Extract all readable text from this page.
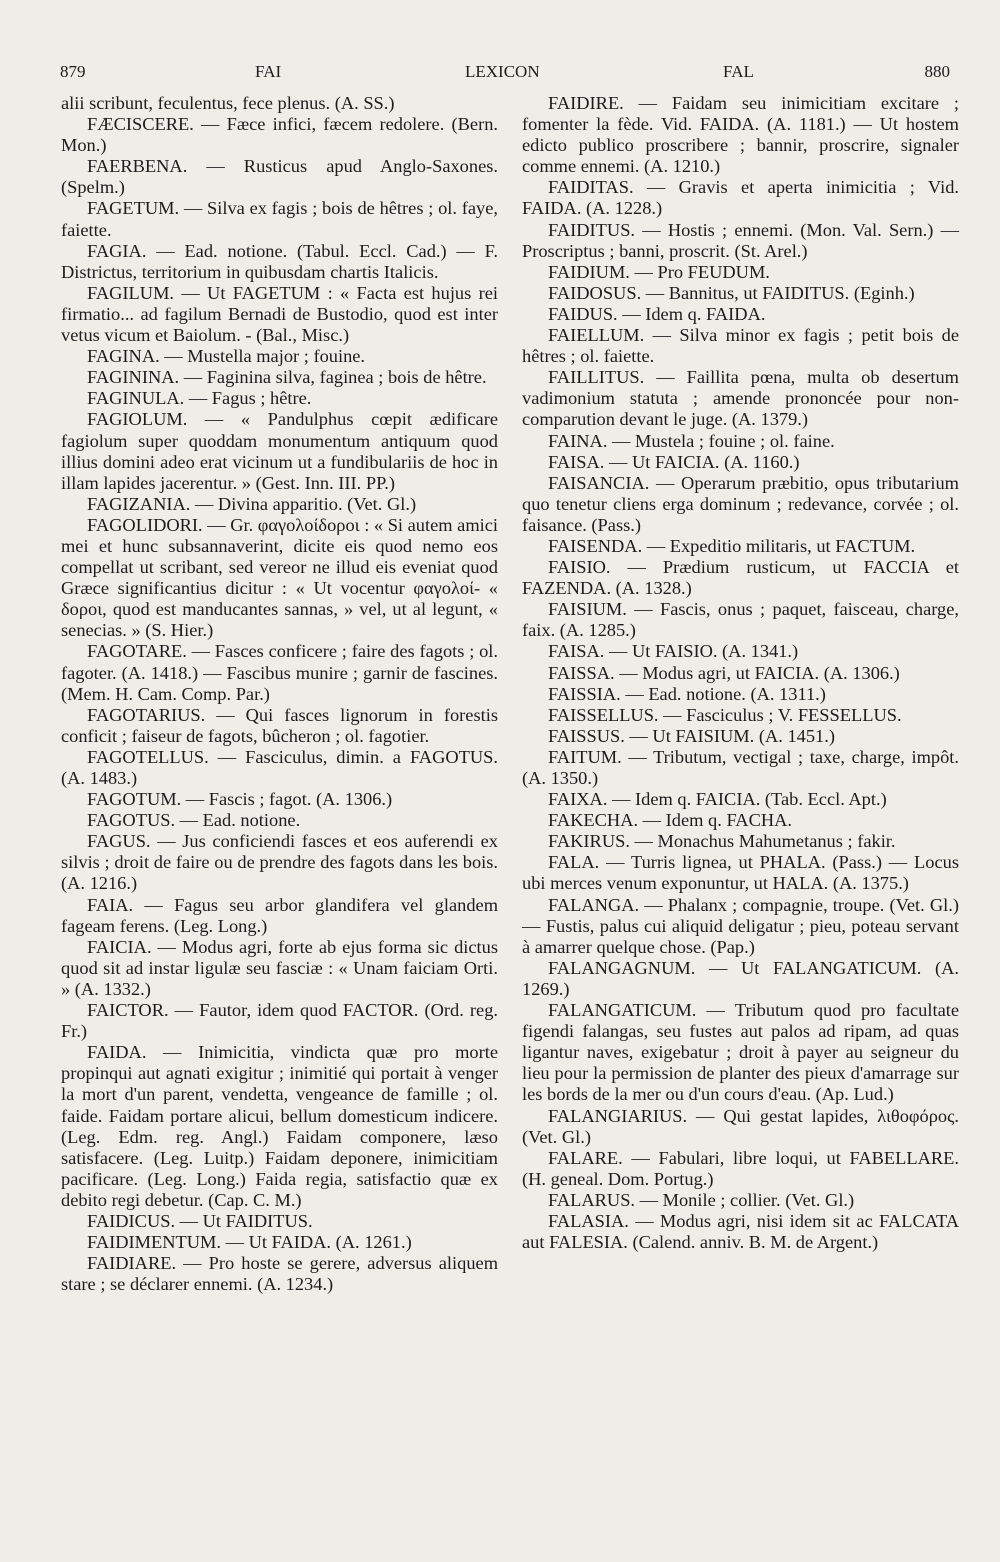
879	FAI	LEXICON	FAL	880

alii scribunt, feculentus, fece plenus. (A. SS.)

FÆCISCERE. — Fæce infici, fæcem redolere. (Bern. Mon.)

FAERBENA. — Rusticus apud Anglo-Saxones. (Spelm.)

FAGETUM. — Silva ex fagis ; bois de hêtres ; ol. faye, faiette.

FAGIA. — Ead. notione. (Tabul. Eccl. Cad.) — F. Districtus, territorium in quibusdam chartis Italicis.

FAGILUM. — Ut FAGETUM : « Facta est hujus rei firmatio... ad fagilum Bernadi de Bustodio, quod est inter vetus vicum et Baiolum. - (Bal., Misc.)

FAGINA. — Mustella major ; fouine.

FAGININA. — Faginina silva, faginea ; bois de hêtre.

FAGINULA. — Fagus ; hêtre.

FAGIOLUM. — « Pandulphus cœpit ædificare fagiolum super quoddam monumentum antiquum quod illius domini adeo erat vicinum ut a fundibulariis de hoc in illam lapides jacerentur. » (Gest. Inn. III. PP.)

FAGIZANIA. — Divina apparitio. (Vet. Gl.)

FAGOLIDORI. — Gr. φαγολοίδοροι : « Si autem amici mei et hunc subsannaverint, dicite eis quod nemo eos compellat ut scribant, sed vereor ne illud eis eveniat quod Græce significantius dicitur : « Ut vocentur φαγολοί- « δοροι, quod est manducantes sannas, » vel, ut al legunt, « senecias. » (S. Hier.)

FAGOTARE. — Fasces conficere ; faire des fagots ; ol. fagoter. (A. 1418.) — Fascibus munire ; garnir de fascines. (Mem. H. Cam. Comp. Par.)

FAGOTARIUS. — Qui fasces lignorum in forestis conficit ; faiseur de fagots, bûcheron ; ol. fagotier.

FAGOTELLUS. — Fasciculus, dimin. a FAGOTUS. (A. 1483.)

FAGOTUM. — Fascis ; fagot. (A. 1306.)

FAGOTUS. — Ead. notione.

FAGUS. — Jus conficiendi fasces et eos auferendi ex silvis ; droit de faire ou de prendre des fagots dans les bois. (A. 1216.)

FAIA. — Fagus seu arbor glandifera vel glandem fageam ferens. (Leg. Long.)

FAICIA. — Modus agri, forte ab ejus forma sic dictus quod sit ad instar ligulæ seu fasciæ : « Unam faiciam Orti. » (A. 1332.)

FAICTOR. — Fautor, idem quod FACTOR. (Ord. reg. Fr.)

FAIDA. — Inimicitia, vindicta quæ pro morte propinqui aut agnati exigitur ; inimitié qui portait à venger la mort d'un parent, vendetta, vengeance de famille ; ol. faide. Faidam portare alicui, bellum domesticum indicere. (Leg. Edm. reg. Angl.) Faidam componere, læso satisfacere. (Leg. Luitp.) Faidam deponere, inimicitiam pacificare. (Leg. Long.) Faida regia, satisfactio quæ ex debito regi debetur. (Cap. C. M.)

FAIDICUS. — Ut FAIDITUS.

FAIDIMENTUM. — Ut FAIDA. (A. 1261.)

FAIDIARE. — Pro hoste se gerere, adversus aliquem stare ; se déclarer ennemi. (A. 1234.)

FAIDIRE. — Faidam seu inimicitiam excitare ; fomenter la fède. Vid. FAIDA. (A. 1181.) — Ut hostem edicto publico proscribere ; bannir, proscrire, signaler comme ennemi. (A. 1210.)

FAIDITAS. — Gravis et aperta inimicitia ; Vid. FAIDA. (A. 1228.)

FAIDITUS. — Hostis ; ennemi. (Mon. Val. Sern.) — Proscriptus ; banni, proscrit. (St. Arel.)

FAIDIUM. — Pro FEUDUM.

FAIDOSUS. — Bannitus, ut FAIDITUS. (Eginh.)

FAIDUS. — Idem q. FAIDA.

FAIELLUM. — Silva minor ex fagis ; petit bois de hêtres ; ol. faiette.

FAILLITUS. — Faillita pœna, multa ob desertum vadimonium statuta ; amende prononcée pour non-comparution devant le juge. (A. 1379.)

FAINA. — Mustela ; fouine ; ol. faine.

FAISA. — Ut FAICIA. (A. 1160.)

FAISANCIA. — Operarum præbitio, opus tributarium quo tenetur cliens erga dominum ; redevance, corvée ; ol. faisance. (Pass.)

FAISENDA. — Expeditio militaris, ut FACTUM.

FAISIO. — Prædium rusticum, ut FACCIA et FAZENDA. (A. 1328.)

FAISIUM. — Fascis, onus ; paquet, faisceau, charge, faix. (A. 1285.)

FAISA. — Ut FAISIO. (A. 1341.)

FAISSA. — Modus agri, ut FAICIA. (A. 1306.)

FAISSIA. — Ead. notione. (A. 1311.)

FAISSELLUS. — Fasciculus ; V. FESSELLUS.

FAISSUS. — Ut FAISIUM. (A. 1451.)

FAITUM. — Tributum, vectigal ; taxe, charge, impôt. (A. 1350.)

FAIXA. — Idem q. FAICIA. (Tab. Eccl. Apt.)

FAKECHA. — Idem q. FACHA.

FAKIRUS. — Monachus Mahumetanus ; fakir.

FALA. — Turris lignea, ut PHALA. (Pass.) — Locus ubi merces venum exponuntur, ut HALA. (A. 1375.)

FALANGA. — Phalanx ; compagnie, troupe. (Vet. Gl.) — Fustis, palus cui aliquid deligatur ; pieu, poteau servant à amarrer quelque chose. (Pap.)

FALANGAGNUM. — Ut FALANGATICUM. (A. 1269.)

FALANGATICUM. — Tributum quod pro facultate figendi falangas, seu fustes aut palos ad ripam, ad quas ligantur naves, exigebatur ; droit à payer au seigneur du lieu pour la permission de planter des pieux d'amarrage sur les bords de la mer ou d'un cours d'eau. (Ap. Lud.)

FALANGIARIUS. — Qui gestat lapides, λιθοφόρος. (Vet. Gl.)

FALARE. — Fabulari, libre loqui, ut FABELLARE. (H. geneal. Dom. Portug.)

FALARUS. — Monile ; collier. (Vet. Gl.)

FALASIA. — Modus agri, nisi idem sit ac FALCATA aut FALESIA. (Calend. anniv. B. M. de Argent.)
